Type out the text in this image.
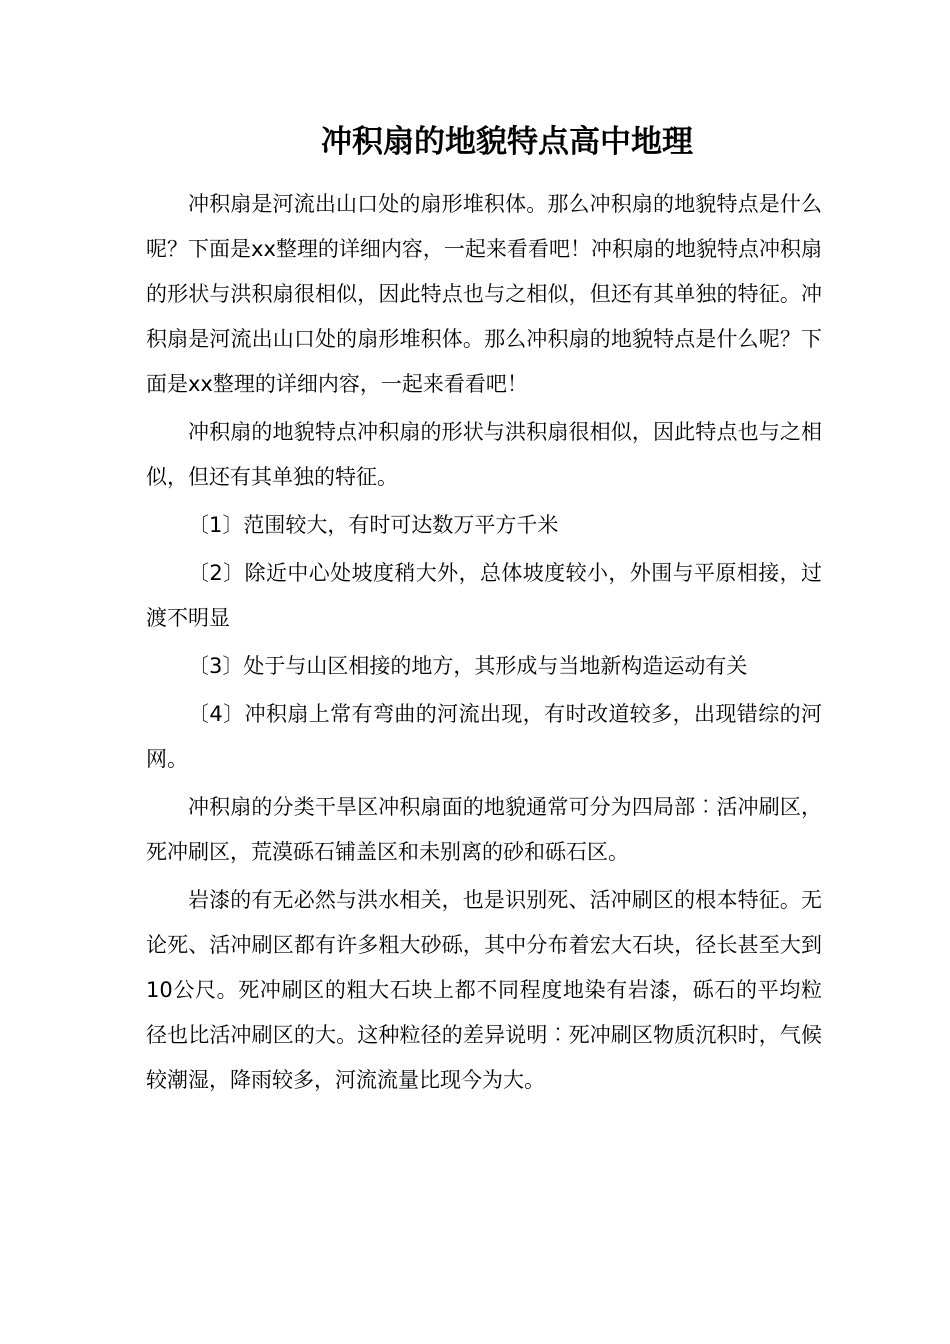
冲积扇的地貌特点高中地理

冲积扇是河流出山口处的扇形堆积体。那么冲积扇的地貌特点是什么呢？下面是xx整理的详细内容，一起来看看吧！冲积扇的地貌特点冲积扇的形状与洪积扇很相似，因此特点也与之相似，但还有其单独的特征。冲积扇是河流出山口处的扇形堆积体。那么冲积扇的地貌特点是什么呢？下面是xx整理的详细内容，一起来看看吧！

冲积扇的地貌特点冲积扇的形状与洪积扇很相似，因此特点也与之相似，但还有其单独的特征。

〔1〕范围较大，有时可达数万平方千米

〔2〕除近中心处坡度稍大外，总体坡度较小，外围与平原相接，过渡不明显

〔3〕处于与山区相接的地方，其形成与当地新构造运动有关

〔4〕冲积扇上常有弯曲的河流出现，有时改道较多，出现错综的河网。

冲积扇的分类干旱区冲积扇面的地貌通常可分为四局部︰活冲刷区，死冲刷区，荒漠砾石铺盖区和未别离的砂和砾石区。

岩漆的有无必然与洪水相关，也是识别死、活冲刷区的根本特征。无论死、活冲刷区都有许多粗大砂砾，其中分布着宏大石块，径长甚至大到10公尺。死冲刷区的粗大石块上都不同程度地染有岩漆，砾石的平均粒径也比活冲刷区的大。这种粒径的差异说明︰死冲刷区物质沉积时，气候较潮湿，降雨较多，河流流量比现今为大。
